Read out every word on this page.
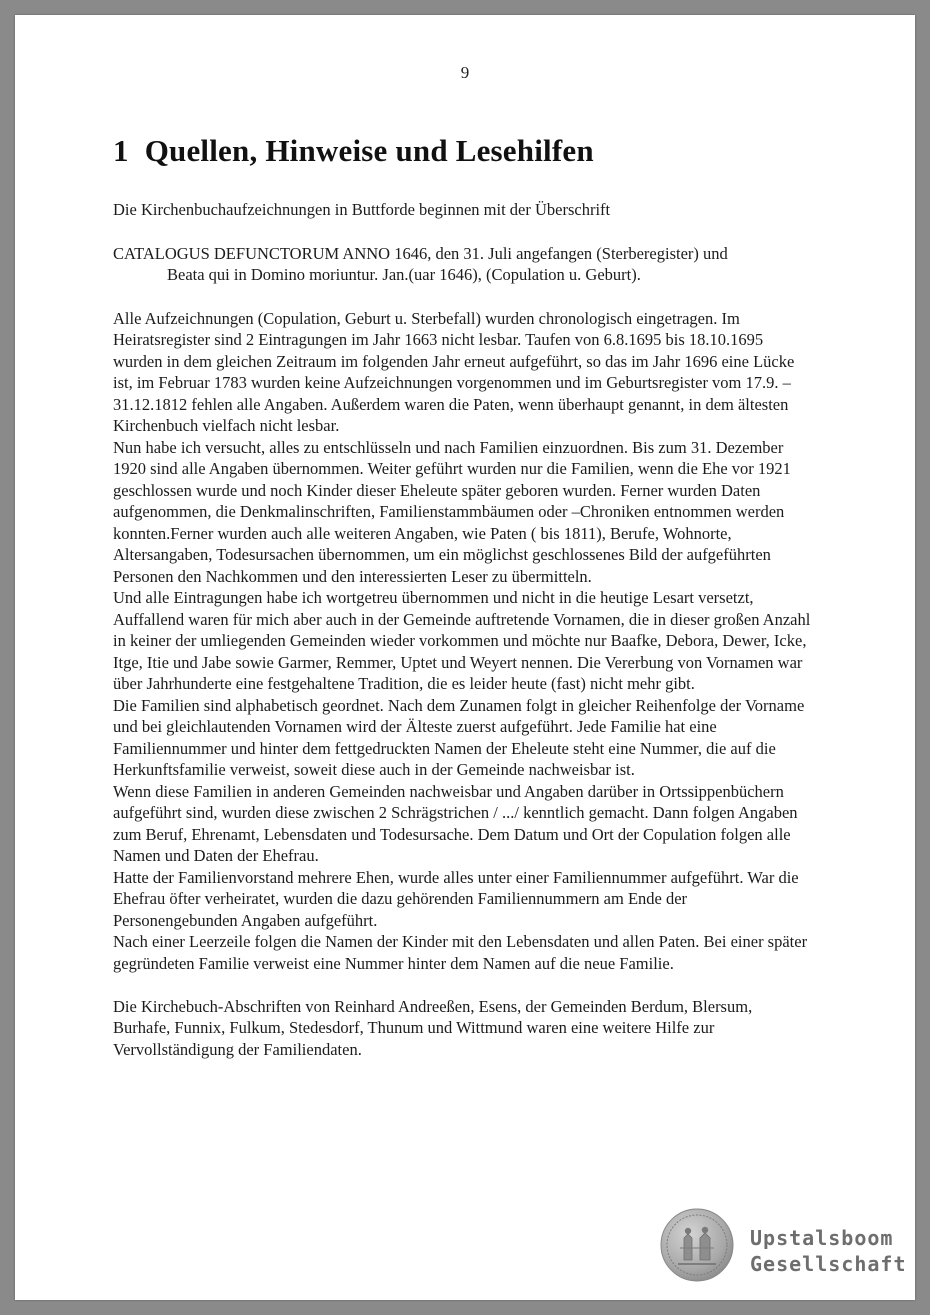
9
1 Quellen, Hinweise und Lesehilfen

Die Kirchenbuchaufzeichnungen in Buttforde beginnen mit der Überschrift

CATALOGUS DEFUNCTORUM ANNO 1646, den 31. Juli angefangen (Sterberegister) und
Beata qui in Domino moriuntur. Jan.(uar 1646), (Copulation u. Geburt).

Alle Aufzeichnungen (Copulation, Geburt u. Sterbefall) wurden chronologisch eingetragen. Im Heiratsregister sind 2 Eintragungen im Jahr 1663 nicht lesbar. Taufen von 6.8.1695 bis 18.10.1695 wurden in dem gleichen Zeitraum im folgenden Jahr erneut aufgeführt, so das im Jahr 1696 eine Lücke ist, im Februar 1783 wurden keine Aufzeichnungen vorgenommen und im Geburtsregister vom 17.9. – 31.12.1812 fehlen alle Angaben. Außerdem waren die Paten, wenn überhaupt genannt, in dem ältesten Kirchenbuch vielfach nicht lesbar.

Nun habe ich versucht, alles zu entschlüsseln und nach Familien einzuordnen. Bis zum 31. Dezember 1920 sind alle Angaben übernommen. Weiter geführt wurden nur die Familien, wenn die Ehe vor 1921 geschlossen wurde und noch Kinder dieser Eheleute später geboren wurden. Ferner wurden Daten aufgenommen, die Denkmalinschriften, Familienstammbäumen oder –Chroniken entnommen werden konnten.Ferner wurden auch alle weiteren Angaben, wie Paten ( bis 1811), Berufe, Wohnorte, Altersangaben, Todesursachen übernommen, um ein möglichst geschlossenes Bild der aufgeführten Personen den Nachkommen und den interessierten Leser zu übermitteln.

Und alle Eintragungen habe ich wortgetreu übernommen und nicht in die heutige Lesart versetzt, Auffallend waren für mich aber auch in der Gemeinde auftretende Vornamen, die in dieser großen Anzahl in keiner der umliegenden Gemeinden wieder vorkommen und möchte nur Baafke, Debora, Dewer, Icke, Itge, Itie und Jabe sowie Garmer, Remmer, Uptet und Weyert nennen. Die Vererbung von Vornamen war über Jahrhunderte eine festgehaltene Tradition, die es leider heute (fast) nicht mehr gibt.

Die Familien sind alphabetisch geordnet. Nach dem Zunamen folgt in gleicher Reihenfolge der Vorname und bei gleichlautenden Vornamen wird der Älteste zuerst aufgeführt. Jede Familie hat eine Familiennummer und hinter dem fettgedruckten Namen der Eheleute steht eine Nummer, die auf die Herkunftsfamilie verweist, soweit diese auch in der Gemeinde nachweisbar ist.

Wenn diese Familien in anderen Gemeinden nachweisbar und Angaben darüber in Ortssippenbüchern aufgeführt sind, wurden diese zwischen 2 Schrägstrichen / .../ kenntlich gemacht. Dann folgen Angaben zum Beruf, Ehrenamt, Lebensdaten und Todesursache. Dem Datum und Ort der Copulation folgen alle Namen und Daten der Ehefrau.

Hatte der Familienvorstand mehrere Ehen, wurde alles unter einer Familiennummer aufgeführt. War die Ehefrau öfter verheiratet, wurden die dazu gehörenden Familiennummern am Ende der Personengebunden Angaben aufgeführt.

Nach einer Leerzeile folgen die Namen der Kinder mit den Lebensdaten und allen Paten. Bei einer später gegründeten Familie verweist eine Nummer hinter dem Namen auf die neue Familie.

Die Kirchebuch-Abschriften von Reinhard Andreeßen, Esens, der Gemeinden Berdum, Blersum, Burhafe, Funnix, Fulkum, Stedesdorf, Thunum und Wittmund waren eine weitere Hilfe zur Vervollständigung der Familiendaten.

Upstalsboom
Gesellschaft
